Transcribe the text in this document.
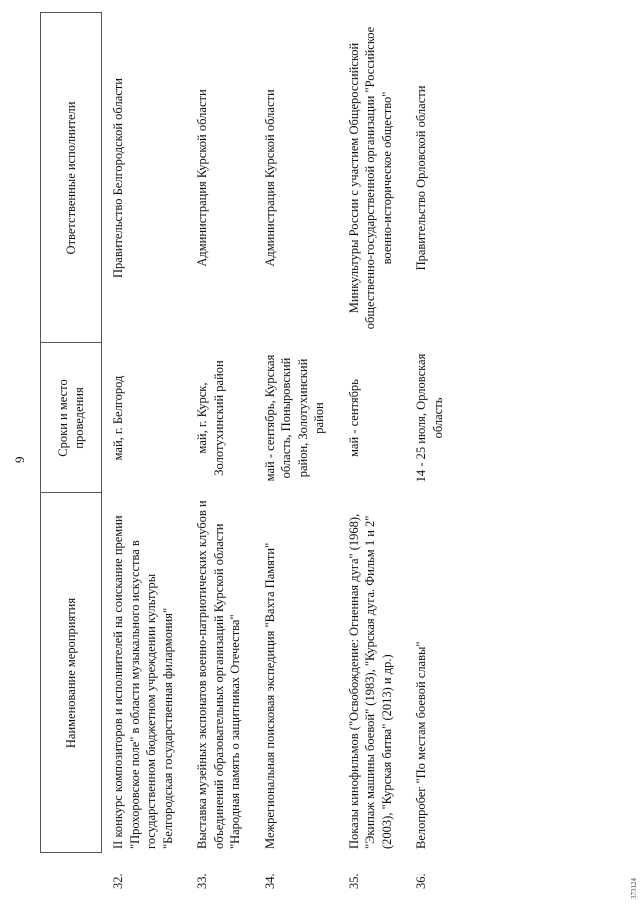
9
	Наименование мероприятия	Сроки и место проведения	Ответственные исполнители
32.	II конкурс композиторов и исполнителей на соискание премии "Прохоровское поле" в области музыкального искусства в государственном бюджетном учреждении культуры "Белгородская государственная филармония"	май, г. Белгород	Правительство Белгородской области
33.	Выставка музейных экспонатов военно-патриотических клубов и объединений образовательных организаций Курской области "Народная память о защитниках Отечества"	май, г. Курск, Золотухинский район	Администрация Курской области
34.	Межрегиональная поисковая экспедиция "Вахта Памяти"	май - сентябрь, Курская область, Поныровский район, Золотухинский район	Администрация Курской области
35.	Показы кинофильмов ("Освобождение: Огненная дуга" (1968), "Экипаж машины боевой" (1983), "Курская дуга. Фильм 1 и 2" (2003), "Курская битва" (2013) и др.)	май - сентябрь	Минкультуры России с участием Общероссийской общественно-государственной организации "Российское военно-историческое общество"
36.	Велопробег "По местам боевой славы"	14 - 25 июля, Орловская область	Правительство Орловской области
373124
